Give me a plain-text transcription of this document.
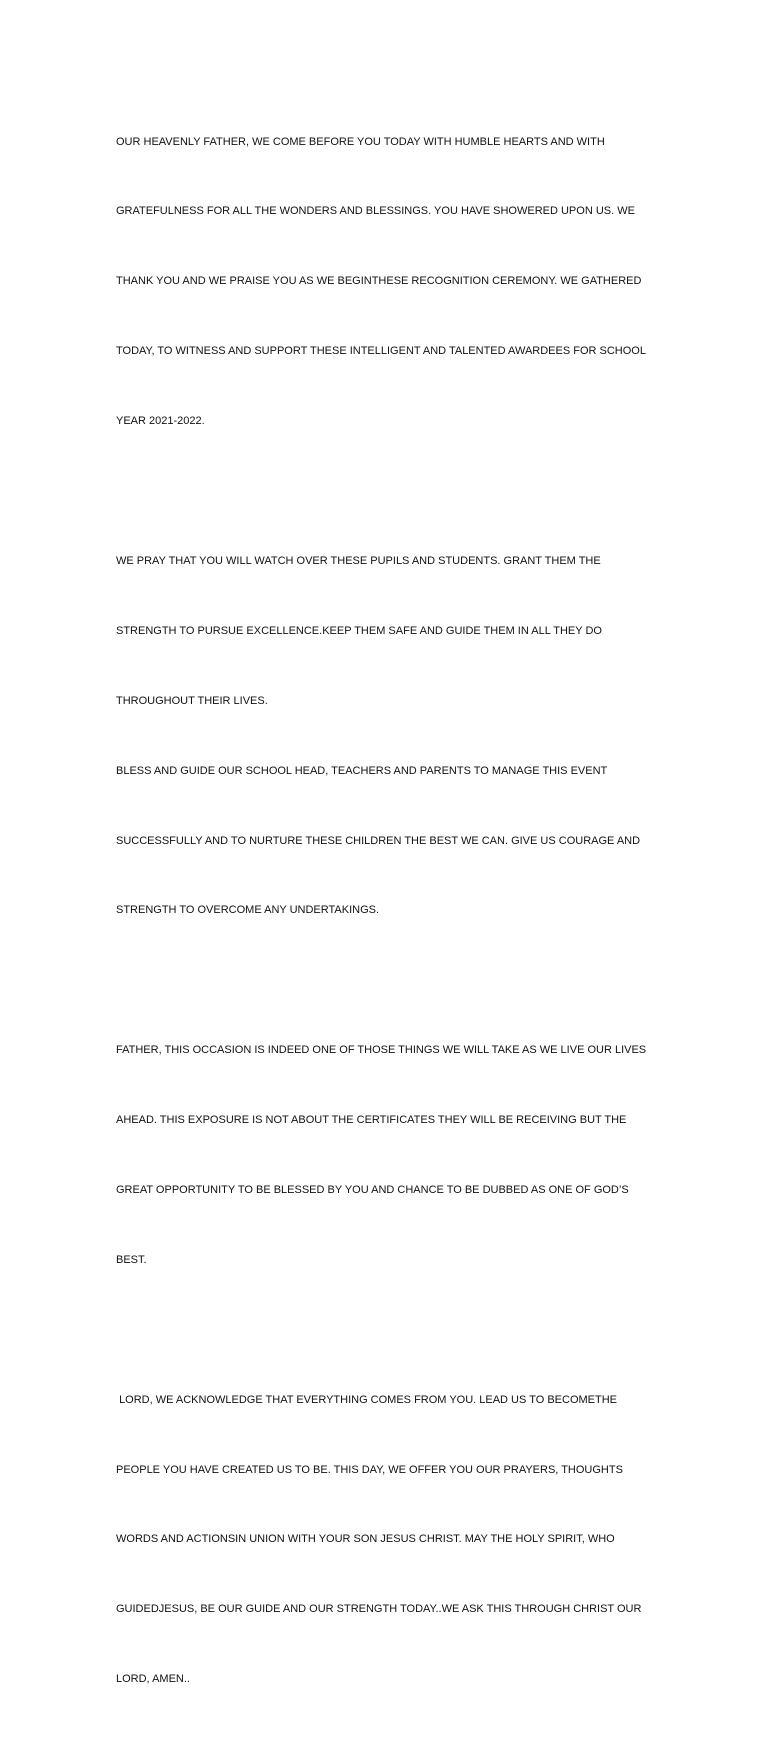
OUR HEAVENLY FATHER, WE COME BEFORE YOU TODAY WITH HUMBLE HEARTS AND WITH

GRATEFULNESS FOR ALL THE WONDERS AND BLESSINGS. YOU HAVE SHOWERED UPON US. WE

THANK YOU AND WE PRAISE YOU AS WE BEGINTHESE RECOGNITION CEREMONY. WE GATHERED

TODAY, TO WITNESS AND SUPPORT THESE INTELLIGENT AND TALENTED AWARDEES FOR SCHOOL

YEAR 2021-2022.

WE PRAY THAT YOU WILL WATCH OVER THESE PUPILS AND STUDENTS. GRANT THEM THE

STRENGTH TO PURSUE EXCELLENCE.KEEP THEM SAFE AND GUIDE THEM IN ALL THEY DO

THROUGHOUT THEIR LIVES.

BLESS AND GUIDE OUR SCHOOL HEAD, TEACHERS AND PARENTS TO MANAGE THIS EVENT

SUCCESSFULLY AND TO NURTURE THESE CHILDREN THE BEST WE CAN. GIVE US COURAGE AND

STRENGTH TO OVERCOME ANY UNDERTAKINGS.

FATHER, THIS OCCASION IS INDEED ONE OF THOSE THINGS WE WILL TAKE AS WE LIVE OUR LIVES

AHEAD. THIS EXPOSURE IS NOT ABOUT THE CERTIFICATES THEY WILL BE RECEIVING BUT THE

GREAT OPPORTUNITY TO BE BLESSED BY YOU AND CHANCE TO BE DUBBED AS ONE OF GOD’S

BEST.

LORD, WE ACKNOWLEDGE THAT EVERYTHING COMES FROM YOU. LEAD US TO BECOMETHE

PEOPLE YOU HAVE CREATED US TO BE. THIS DAY, WE OFFER YOU OUR PRAYERS, THOUGHTS

WORDS AND ACTIONSIN UNION WITH YOUR SON JESUS CHRIST. MAY THE HOLY SPIRIT, WHO

GUIDEDJESUS, BE OUR GUIDE AND OUR STRENGTH TODAY..WE ASK THIS THROUGH CHRIST OUR

LORD, AMEN..
